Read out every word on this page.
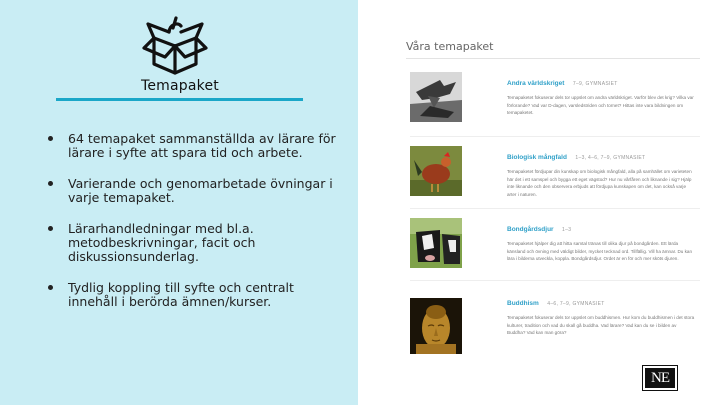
Temapaket
64 temapaket sammanställda av lärare för lärare i syfte att spara tid och arbete.
Varierande och genomarbetade övningar i varje temapaket.
Lärarhandledningar med bl.a. metodbeskrivningar, facit och diskussionsunderlag.
Tydlig koppling till syfte och centralt innehåll i berörda ämnen/kurser.
Våra temapaket
Andra världskriget 7–9, GYMNASIET
Temapaketet fokuserar dels tor uppslet om andra världskriget. Varför blev det krig? Vilka var förlorande? Vad var D-dagen, varsledstriden och tornet? Hittas inte vara bildningen om temapaketet.
Biologisk mångfald 1–3, 4–6, 7–9, GYMNASIET
Temapaketet fördjupar din kunskap om biologisk mångfald, alla på samhället om varieteten här det i ett samspel och bygga ett eget vägstod? Hur nu vårfåren och liknande i sig? Hjälp inte liknande och den observera erbjuds att fördjupa kunskapen om det, kan också varje arter i naturen.
Bondgårdsdjur 1–3
Temapaketet hjälper dig att hitta samtal tränas till olika djur på bondgården. Ett lärda känsland och övning med väldigt bilder, mycket tecknad ord. Tillfällig. Vill ha ämnar. Du kan lära i bilderna utveckla, koppla. Bondgårdsdjur. Ordet är en för och mer sköts djuren.
Buddhism 4–6, 7–9, GYMNASIET
Temapaketet fokuserar dels tor uppslet om buddhismen. Hur kom du buddhismen i det stora kulturer, tradition och vad du skall gå buddha. Vad lärare? Vad kan du se i bilden av Buddha? Vad kan man göra?
NE
